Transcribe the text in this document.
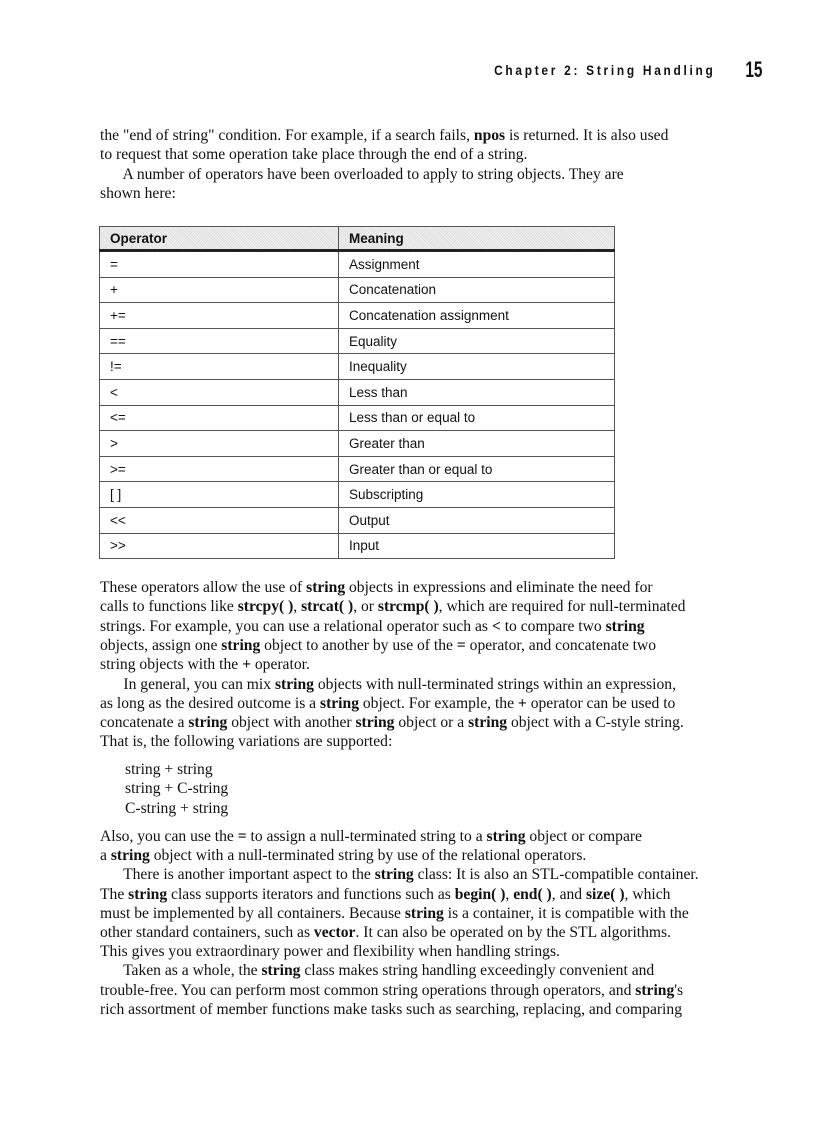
Chapter 2: String Handling 15
the "end of string" condition. For example, if a search fails, npos is returned. It is also used
to request that some operation take place through the end of a string.
A number of operators have been overloaded to apply to string objects. They are
shown here:
Operator	Meaning
=	Assignment
+	Concatenation
+=	Concatenation assignment
==	Equality
!=	Inequality
<	Less than
<=	Less than or equal to
>	Greater than
>=	Greater than or equal to
[ ]	Subscripting
<<	Output
>>	Input
These operators allow the use of string objects in expressions and eliminate the need for
calls to functions like strcpy( ), strcat( ), or strcmp( ), which are required for null-terminated
strings. For example, you can use a relational operator such as < to compare two string
objects, assign one string object to another by use of the = operator, and concatenate two
string objects with the + operator.
In general, you can mix string objects with null-terminated strings within an expression,
as long as the desired outcome is a string object. For example, the + operator can be used to
concatenate a string object with another string object or a string object with a C-style string.
That is, the following variations are supported:
string + string
string + C-string
C-string + string
Also, you can use the = to assign a null-terminated string to a string object or compare
a string object with a null-terminated string by use of the relational operators.
There is another important aspect to the string class: It is also an STL-compatible container.
The string class supports iterators and functions such as begin( ), end( ), and size( ), which
must be implemented by all containers. Because string is a container, it is compatible with the
other standard containers, such as vector. It can also be operated on by the STL algorithms.
This gives you extraordinary power and flexibility when handling strings.
Taken as a whole, the string class makes string handling exceedingly convenient and
trouble-free. You can perform most common string operations through operators, and string's
rich assortment of member functions make tasks such as searching, replacing, and comparing
